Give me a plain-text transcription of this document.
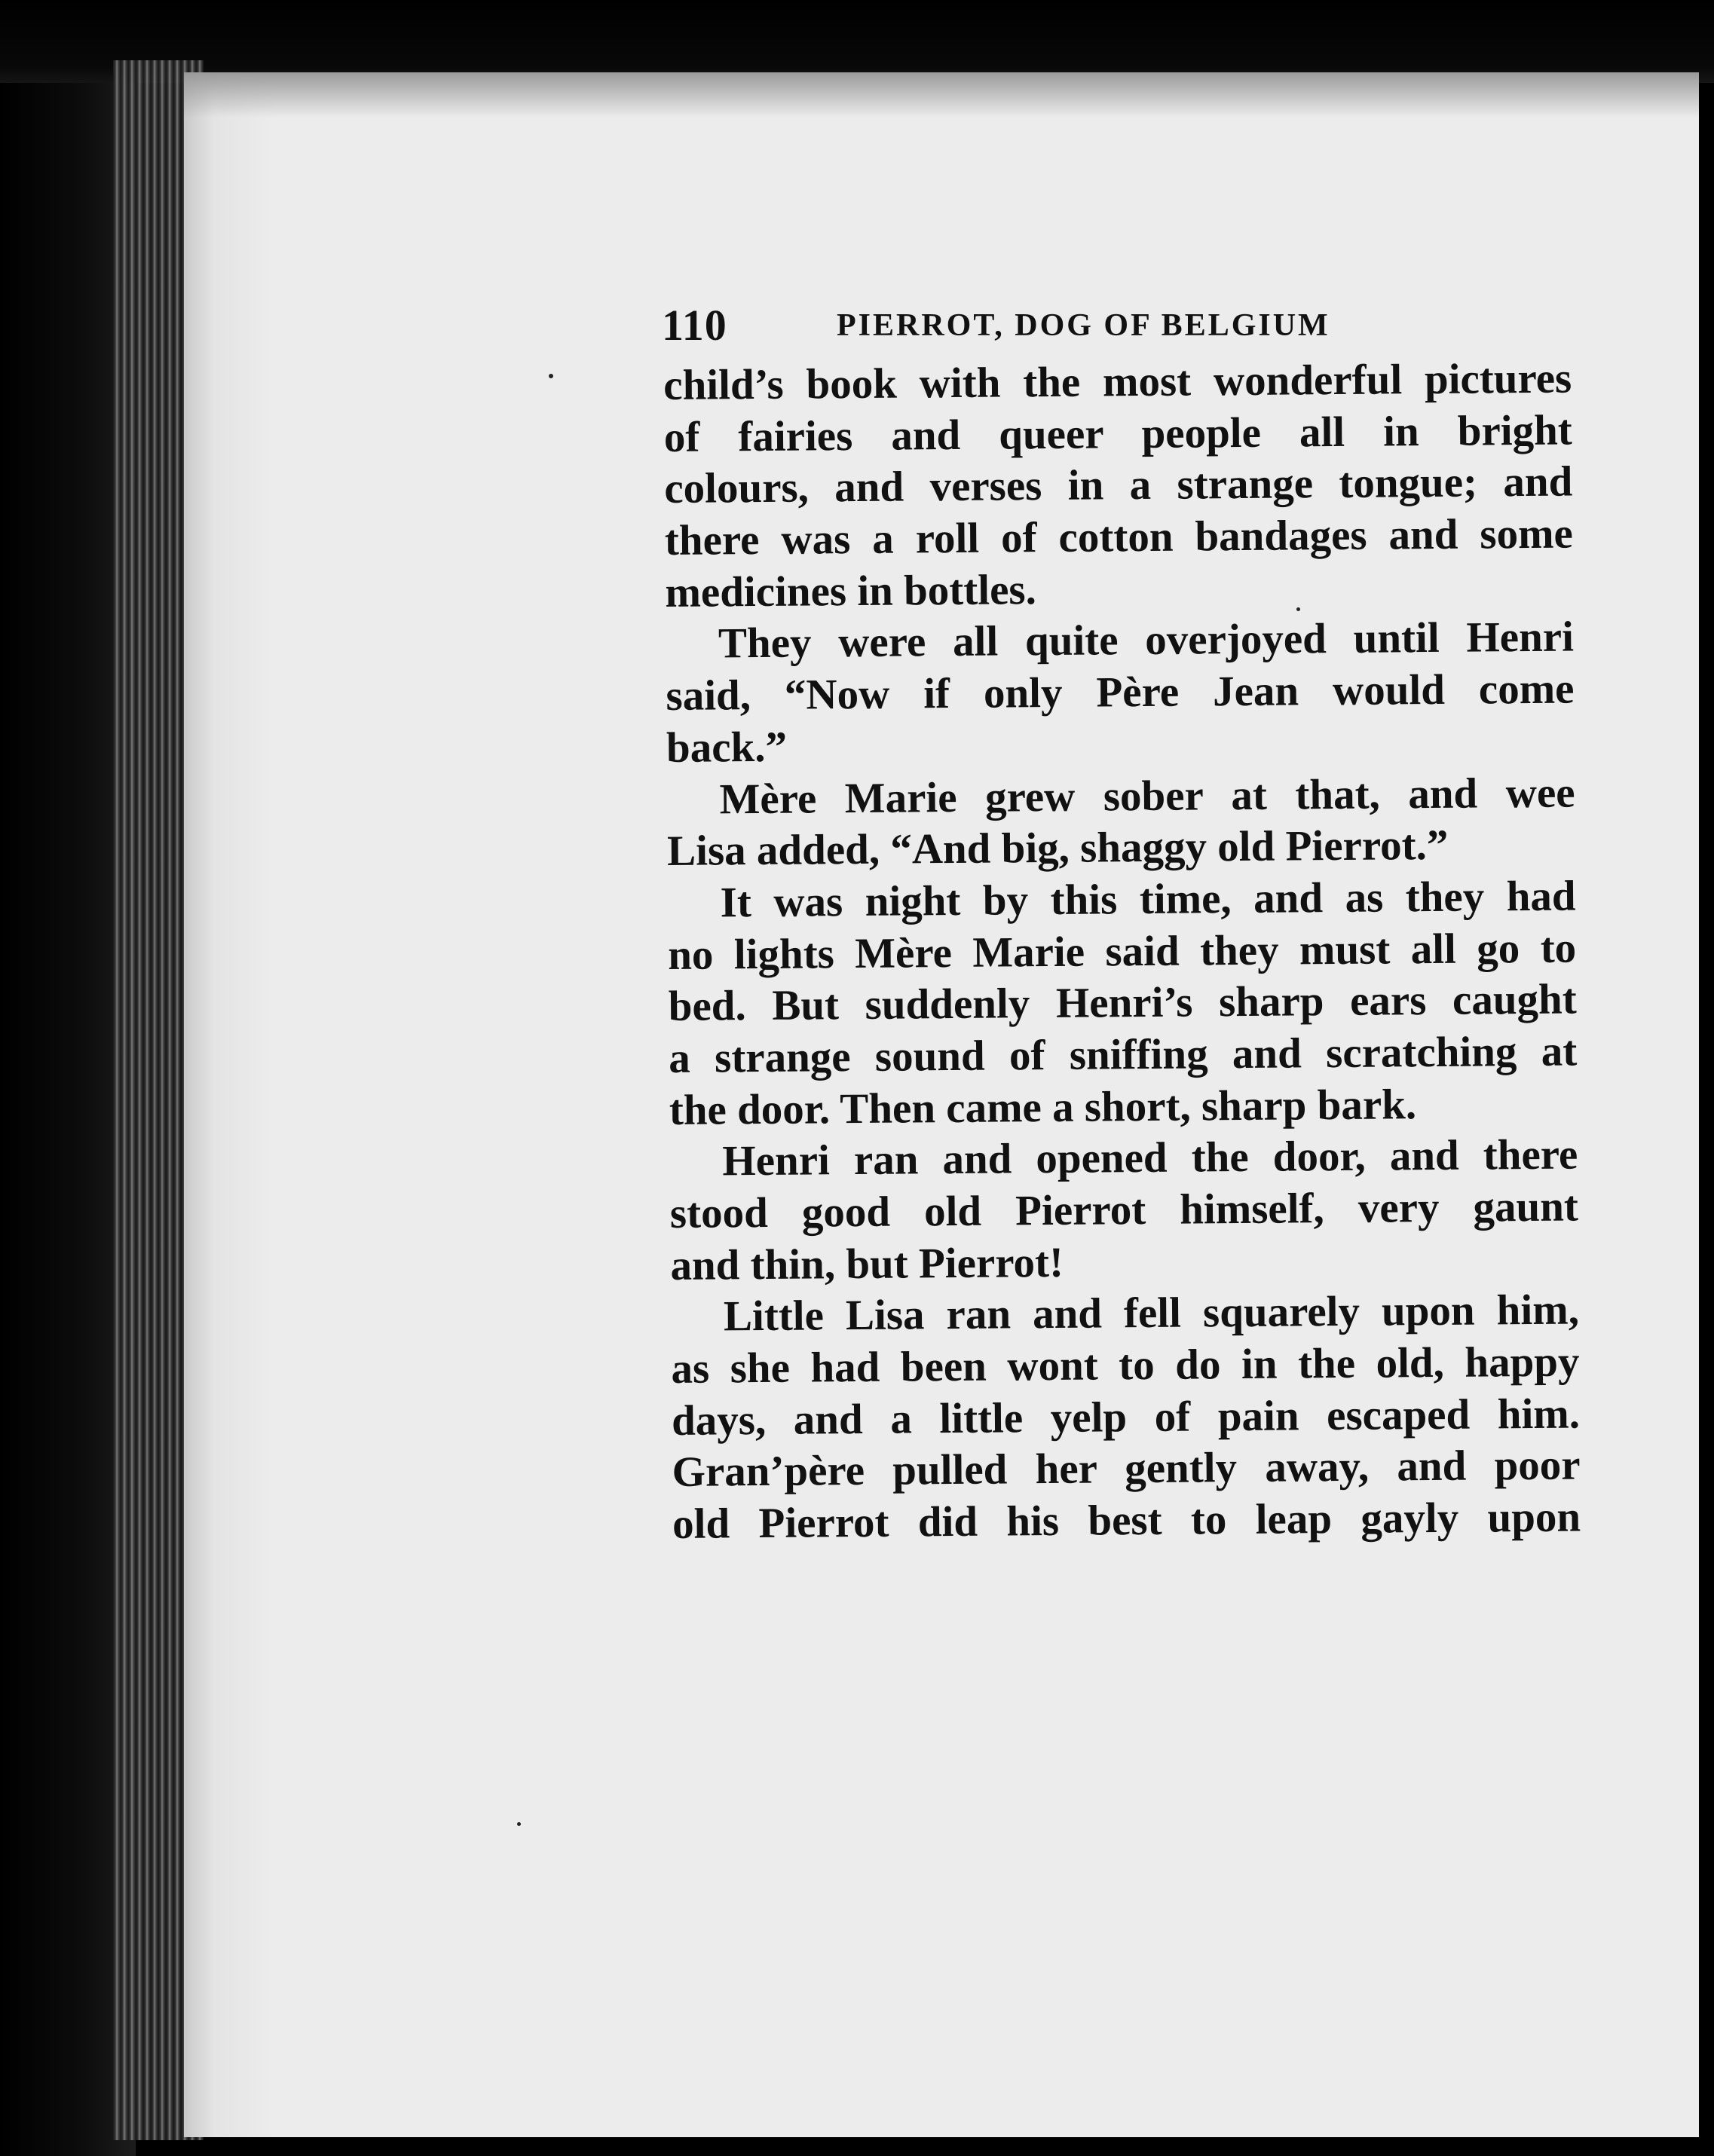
110	PIERROT, DOG OF BELGIUM
child’s book with the most wonderful pictures
of fairies and queer people all in bright
colours, and verses in a strange tongue; and
there was a roll of cotton bandages and some
medicines in bottles.
They were all quite overjoyed until Henri
said, “Now if only Père Jean would come
back.”
Mère Marie grew sober at that, and wee
Lisa added, “And big, shaggy old Pierrot.”
It was night by this time, and as they had
no lights Mère Marie said they must all go to
bed. But suddenly Henri’s sharp ears caught
a strange sound of sniffing and scratching at
the door. Then came a short, sharp bark.
Henri ran and opened the door, and there
stood good old Pierrot himself, very gaunt
and thin, but Pierrot!
Little Lisa ran and fell squarely upon him,
as she had been wont to do in the old, happy
days, and a little yelp of pain escaped him.
Gran’père pulled her gently away, and poor
old Pierrot did his best to leap gayly upon
